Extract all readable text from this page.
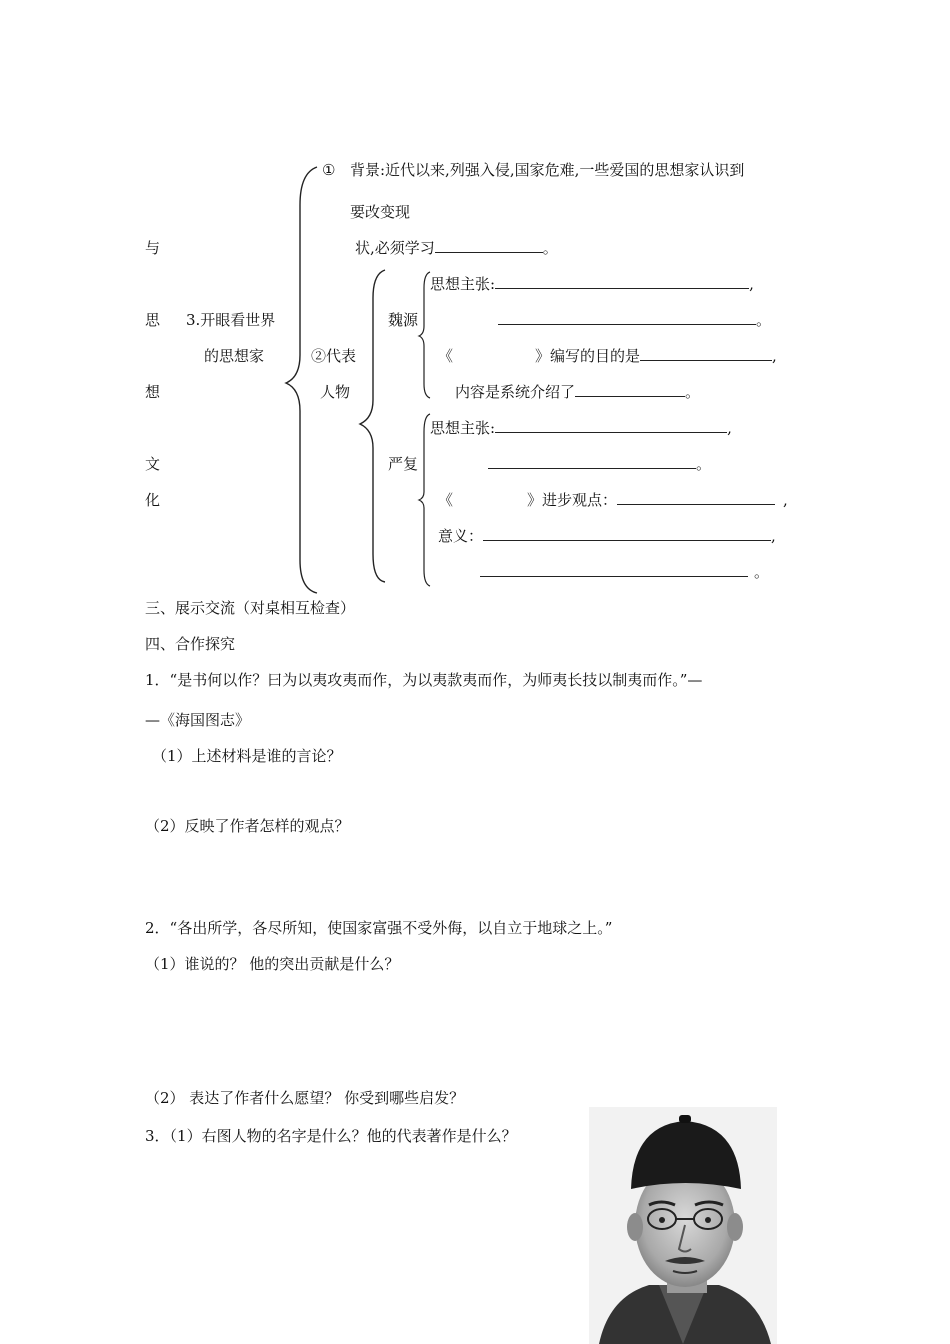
与
思
想
文
化
3.开眼看世界
的思想家
① 背景:近代以来,列强入侵,国家危难,一些爱国的思想家认识到
要改变现
状,必须学习	。
②代表
人物
魏源
思想主张:	,
。
《	》编写的目的是	,
内容是系统介绍了	。
严复
思想主张:	,
。
《	》进步观点：	,
意义：	,
。
三、展示交流（对桌相互检查）
四、合作探究
1．“是书何以作？曰为以夷攻夷而作，为以夷款夷而作，为师夷长技以制夷而作。”—
—《海国图志》
（1）上述材料是谁的言论？
（2）反映了作者怎样的观点？
2．“各出所学，各尽所知，使国家富强不受外侮，以自立于地球之上。”
（1）谁说的？ 他的突出贡献是什么？
（2） 表达了作者什么愿望？ 你受到哪些启发？
3．（1）右图人物的名字是什么？他的代表著作是什么？
